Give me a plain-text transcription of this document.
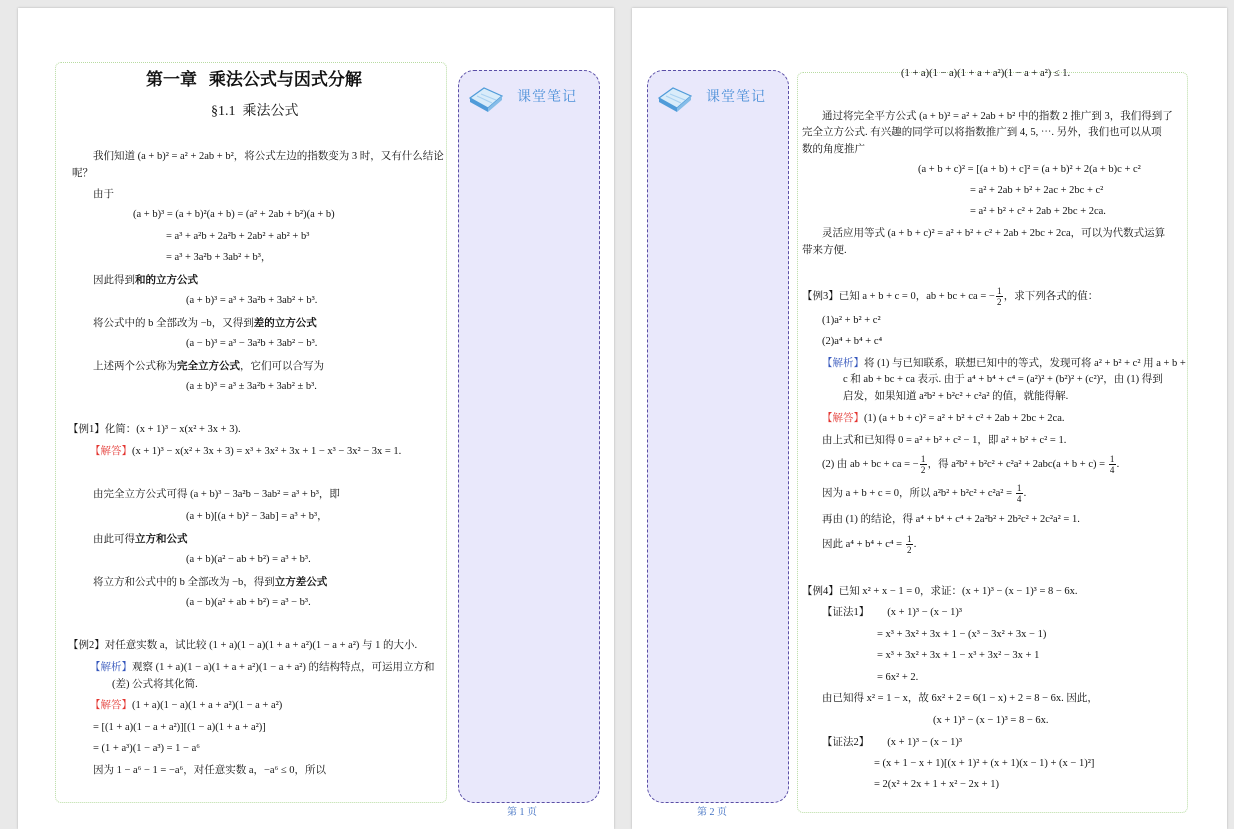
课堂笔记
第一章  乘法公式与因式分解
§1.1  乘法公式
我们知道 (a + b)² = a² + 2ab + b²，将公式左边的指数变为 3 时，又有什么结论
呢？
由于
(a + b)³ = (a + b)²(a + b) = (a² + 2ab + b²)(a + b)
= a³ + a²b + 2a²b + 2ab² + ab² + b³
= a³ + 3a²b + 3ab² + b³，
因此得到和的立方公式
(a + b)³ = a³ + 3a²b + 3ab² + b³.
将公式中的 b 全部改为 −b，又得到差的立方公式
(a − b)³ = a³ − 3a²b + 3ab² − b³.
上述两个公式称为完全立方公式，它们可以合写为
(a ± b)³ = a³ ± 3a²b + 3ab² ± b³.
【例1】化简：(x + 1)³ − x(x² + 3x + 3).
【解答】(x + 1)³ − x(x² + 3x + 3) = x³ + 3x² + 3x + 1 − x³ − 3x² − 3x = 1.
由完全立方公式可得 (a + b)³ − 3a²b − 3ab² = a³ + b³，即
(a + b)[(a + b)² − 3ab] = a³ + b³，
由此可得立方和公式
(a + b)(a² − ab + b²) = a³ + b³.
将立方和公式中的 b 全部改为 −b，得到立方差公式
(a − b)(a² + ab + b²) = a³ − b³.
【例2】对任意实数 a，试比较 (1 + a)(1 − a)(1 + a + a²)(1 − a + a²) 与 1 的大小.
【解析】观察 (1 + a)(1 − a)(1 + a + a²)(1 − a + a²) 的结构特点，可运用立方和
(差) 公式将其化简.
【解答】(1 + a)(1 − a)(1 + a + a²)(1 − a + a²)
= [(1 + a)(1 − a + a²)][(1 − a)(1 + a + a²)]
= (1 + a³)(1 − a³) = 1 − a⁶
因为 1 − a⁶ − 1 = −a⁶，对任意实数 a，−a⁶ ≤ 0，所以
第 1 页
课堂笔记
(1 + a)(1 − a)(1 + a + a²)(1 − a + a²) ≤ 1.
通过将完全平方公式 (a + b)² = a² + 2ab + b² 中的指数 2 推广到 3，我们得到了
完全立方公式. 有兴趣的同学可以将指数推广到 4, 5, ⋯. 另外，我们也可以从项
数的角度推广
(a + b + c)² = [(a + b) + c]² = (a + b)² + 2(a + b)c + c²
= a² + 2ab + b² + 2ac + 2bc + c²
= a² + b² + c² + 2ab + 2bc + 2ca.
灵活应用等式 (a + b + c)² = a² + b² + c² + 2ab + 2bc + 2ca，可以为代数式运算
带来方便.
【例3】已知 a + b + c = 0，ab + bc + ca = − $\frac{1}{2}$ ，求下列各式的值：
(1)a² + b² + c²
(2)a⁴ + b⁴ + c⁴
【解析】将 (1) 与已知联系，联想已知中的等式，发现可将 a² + b² + c² 用 a + b +
c 和 ab + bc + ca 表示. 由于 a⁴ + b⁴ + c⁴ = (a²)² + (b²)² + (c²)²，由 (1) 得到
启发，如果知道 a²b² + b²c² + c²a² 的值，就能得解.
【解答】(1) (a + b + c)² = a² + b² + c² + 2ab + 2bc + 2ca.
由上式和已知得 0 = a² + b² + c² − 1，即 a² + b² + c² = 1.
(2) 由 ab + bc + ca = − $\frac{1}{2}$ ，得 $a^2b^2 + b^2c^2 + c^2a^2 + 2abc(a + b + c) = \frac{1}{4}$ .
因为 a + b + c = 0，所以 $a^2b^2 + b^2c^2 + c^2a^2 = \frac{1}{4}$ .
再由 (1) 的结论，得 a⁴ + b⁴ + c⁴ + 2a²b² + 2b²c² + 2c²a² = 1.
因此 $a^4 + b^4 + c^4 = \frac{1}{2}$ .
【例4】已知 x² + x − 1 = 0，求证：(x + 1)³ − (x − 1)³ = 8 − 6x.
【证法1】 (x + 1)³ − (x − 1)³
= x³ + 3x² + 3x + 1 − (x³ − 3x² + 3x − 1)
= x³ + 3x² + 3x + 1 − x³ + 3x² − 3x + 1
= 6x² + 2.
由已知得 x² = 1 − x，故 6x² + 2 = 6(1 − x) + 2 = 8 − 6x. 因此，
(x + 1)³ − (x − 1)³ = 8 − 6x.
【证法2】 (x + 1)³ − (x − 1)³
= (x + 1 − x + 1)[(x + 1)² + (x + 1)(x − 1) + (x − 1)²]
= 2(x² + 2x + 1 + x² − 2x + 1)
第 2 页
